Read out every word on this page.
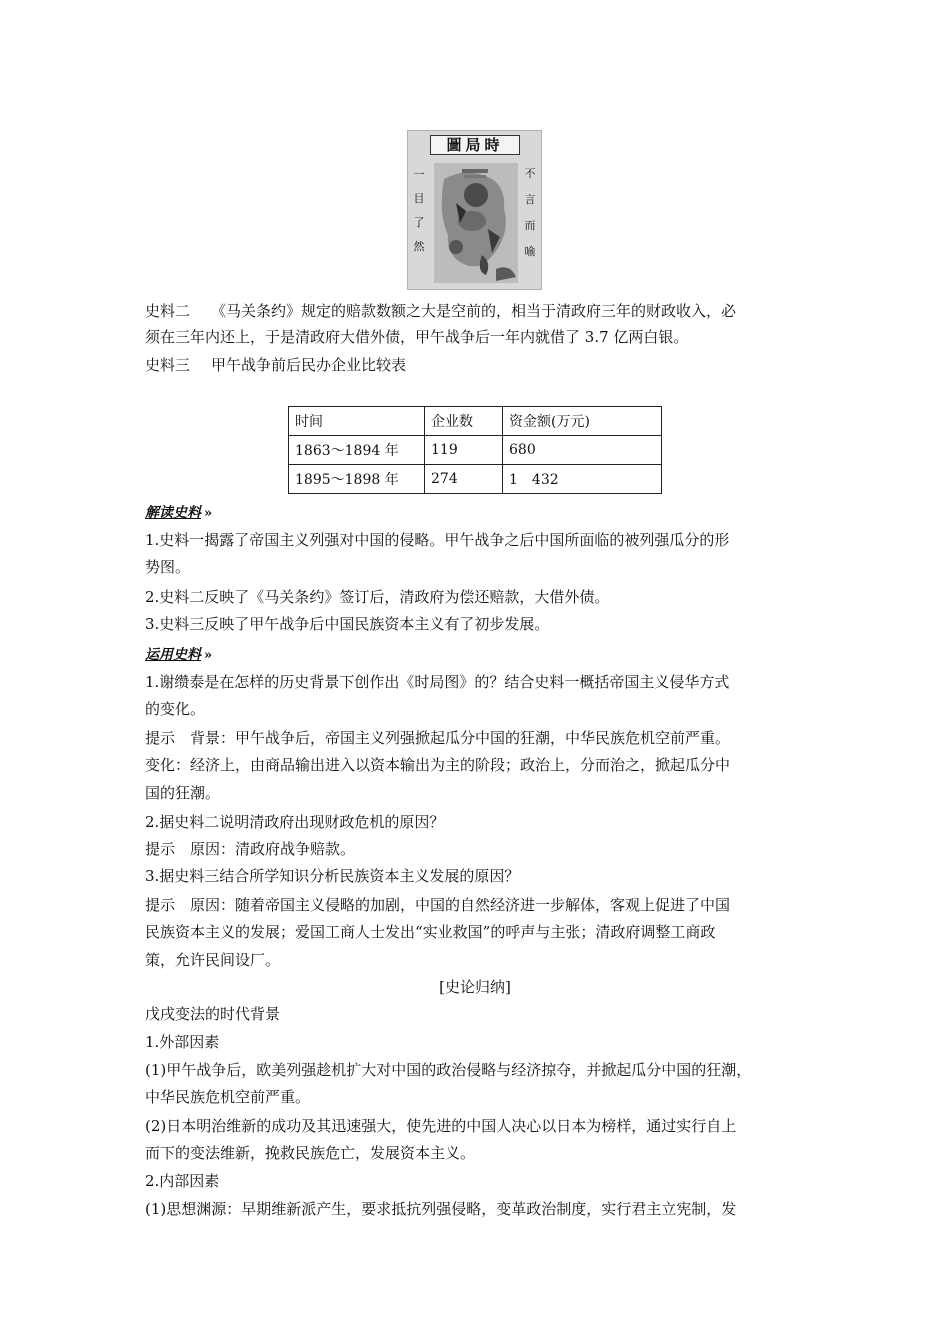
圖局時
一
目
了
然
不
言
而
喻
史料二 《马关条约》规定的赔款数额之大是空前的，相当于清政府三年的财政收入，必
须在三年内还上，于是清政府大借外债，甲午战争后一年内就借了 3.7 亿两白银。
史料三 甲午战争前后民办企业比较表
时间	企业数	资金额(万元)
1863～1894 年	119	680
1895～1898 年	274	1　432
解读史料 »
1.史料一揭露了帝国主义列强对中国的侵略。甲午战争之后中国所面临的被列强瓜分的形
势图。
2.史料二反映了《马关条约》签订后，清政府为偿还赔款，大借外债。
3.史料三反映了甲午战争后中国民族资本主义有了初步发展。
运用史料 »
1.谢缵泰是在怎样的历史背景下创作出《时局图》的？结合史料一概括帝国主义侵华方式
的变化。
提示　背景：甲午战争后，帝国主义列强掀起瓜分中国的狂潮，中华民族危机空前严重。
变化：经济上，由商品输出进入以资本输出为主的阶段；政治上，分而治之，掀起瓜分中
国的狂潮。
2.据史料二说明清政府出现财政危机的原因？
提示　原因：清政府战争赔款。
3.据史料三结合所学知识分析民族资本主义发展的原因？
提示　原因：随着帝国主义侵略的加剧，中国的自然经济进一步解体，客观上促进了中国
民族资本主义的发展；爱国工商人士发出“实业救国”的呼声与主张；清政府调整工商政
策，允许民间设厂。
[史论归纳]
戊戌变法的时代背景
1.外部因素
(1)甲午战争后，欧美列强趁机扩大对中国的政治侵略与经济掠夺，并掀起瓜分中国的狂潮，
中华民族危机空前严重。
(2)日本明治维新的成功及其迅速强大，使先进的中国人决心以日本为榜样，通过实行自上
而下的变法维新，挽救民族危亡，发展资本主义。
2.内部因素
(1)思想渊源：早期维新派产生，要求抵抗列强侵略，变革政治制度，实行君主立宪制，发
